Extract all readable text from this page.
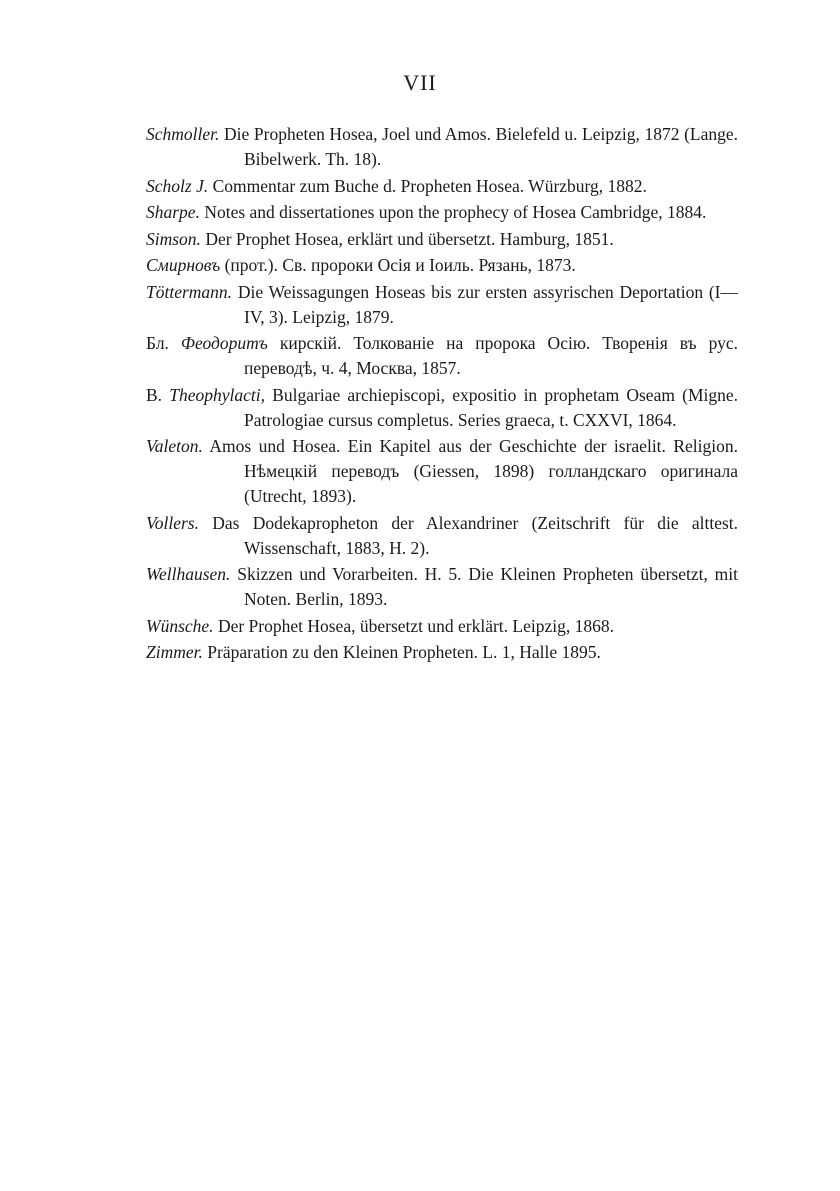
VII
Schmoller. Die Propheten Hosea, Joel und Amos. Bielefeld u. Leipzig, 1872 (Lange. Bibelwerk. Th. 18).
Scholz J. Commentar zum Buche d. Propheten Hosea. Würzburg, 1882.
Sharpe. Notes and dissertationes upon the prophecy of Hosea Cambridge, 1884.
Simson. Der Prophet Hosea, erklärt und übersetzt. Hamburg, 1851.
Смирновъ (прот.). Св. пророки Осія и Іоиль. Рязань, 1873.
Töttermann. Die Weissagungen Hoseas bis zur ersten assyrischen Deportation (I—IV, 3). Leipzig, 1879.
Бл. Феодоритъ кирскій. Толкованіе на пророка Осію. Творенія въ рус. переводѣ, ч. 4, Москва, 1857.
B. Theophylacti, Bulgariae archiepiscopi, expositio in prophetam Oseam (Migne. Patrologiae cursus completus. Series graeca, t. CXXVI, 1864.
Valeton. Amos und Hosea. Ein Kapitel aus der Geschichte der israelit. Religion. Нѣмецкій переводъ (Giessen, 1898) голландскаго оригинала (Utrecht, 1893).
Vollers. Das Dodekapropheton der Alexandriner (Zeitschrift für die alttest. Wissenschaft, 1883, H. 2).
Wellhausen. Skizzen und Vorarbeiten. H. 5. Die Kleinen Propheten übersetzt, mit Noten. Berlin, 1893.
Wünsche. Der Prophet Hosea, übersetzt und erklärt. Leipzig, 1868.
Zimmer. Präparation zu den Kleinen Propheten. L. 1, Halle 1895.
